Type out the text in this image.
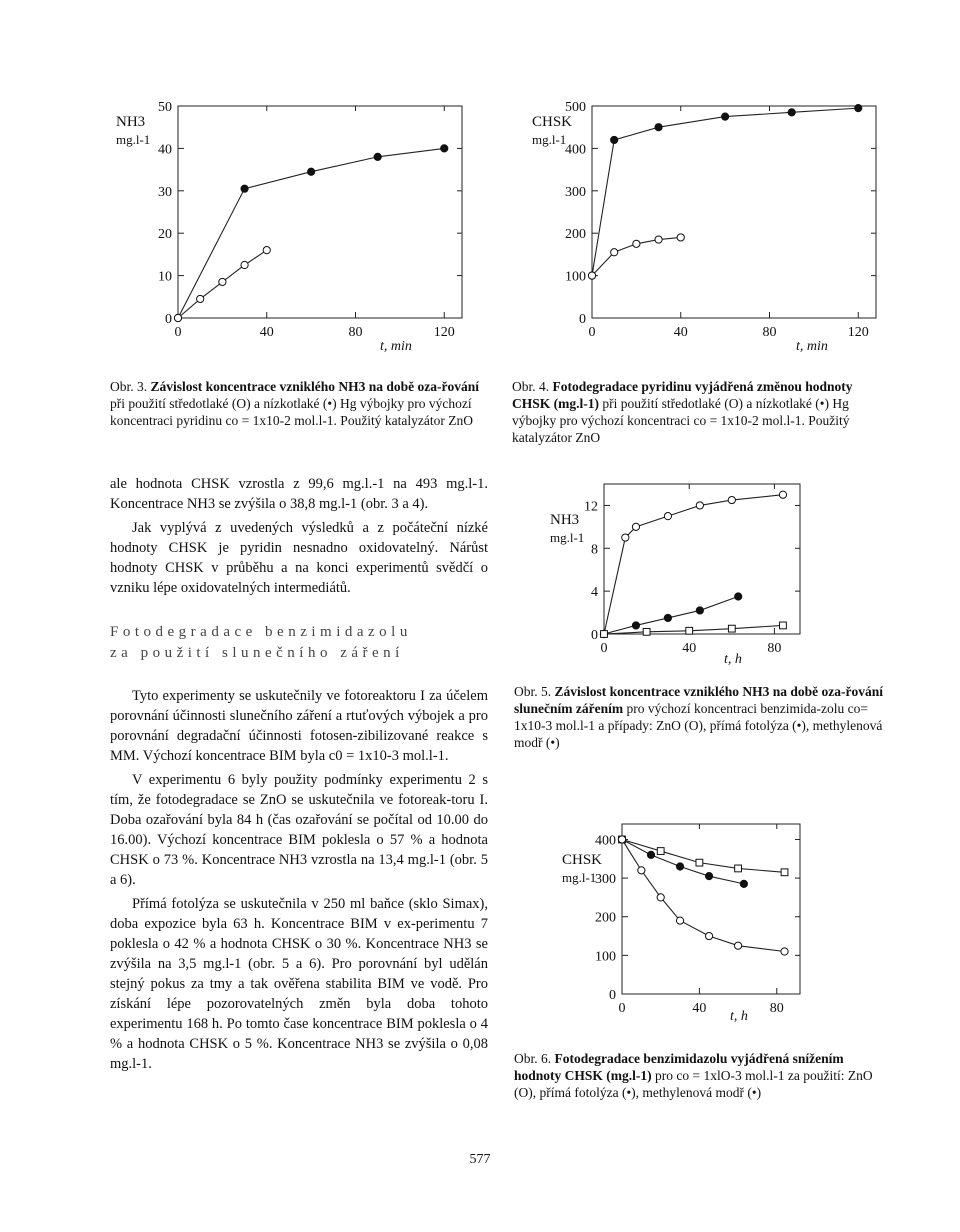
0	40	80	120
0
10
20
30
40
50
NH3
mg.l-1
t, min
Obr. 3. Závislost koncentrace vzniklého NH3 na době oza-řování při použití středotlaké (O) a nízkotlaké (•) Hg výbojky pro výchozí koncentraci pyridinu co = 1x10-2 mol.l-1. Použitý katalyzátor ZnO
0	40	80	120
0
100
200
300
400
500
CHSK
mg.l-1
t, min
Obr. 4. Fotodegradace pyridinu vyjádřená změnou hodnoty CHSK (mg.l-1) při použití středotlaké (O) a nízkotlaké (•) Hg výbojky pro výchozí koncentraci co = 1x10-2 mol.l-1. Použitý katalyzátor ZnO
0	40	80
0
4
8
12
NH3
mg.l-1
t, h
Obr. 5. Závislost koncentrace vzniklého NH3 na době oza-řování slunečním zářením pro výchozí koncentraci benzimida-zolu co= 1x10-3 mol.l-1 a případy: ZnO (O), přímá fotolýza (•), methylenová modř (•)
0	40	80
0
100
200
300
400
CHSK
mg.l-1
t, h
Obr. 6. Fotodegradace benzimidazolu vyjádřená snížením hodnoty CHSK (mg.l-1) pro co = 1xlO-3 mol.l-1 za použití: ZnO (O), přímá fotolýza (•), methylenová modř (•)

ale hodnota CHSK vzrostla z 99,6 mg.l.-1 na 493 mg.l-1. Koncentrace NH3 se zvýšila o 38,8 mg.l-1 (obr. 3 a 4).

Jak vyplývá z uvedených výsledků a z počáteční nízké hodnoty CHSK je pyridin nesnadno oxidovatelný. Nárůst hodnoty CHSK v průběhu a na konci experimentů svědčí o vzniku lépe oxidovatelných intermediátů.

Fotodegradace benzimidazolu
za použití slunečního záření

Tyto experimenty se uskutečnily ve fotoreaktoru I za účelem porovnání účinnosti slunečního záření a rtuťových výbojek a pro porovnání degradační účinnosti fotosen-zibilizované reakce s MM. Výchozí koncentrace BIM byla c0 = 1x10-3 mol.l-1.

V experimentu 6 byly použity podmínky experimentu 2 s tím, že fotodegradace se ZnO se uskutečnila ve fotoreak-toru I. Doba ozařování byla 84 h (čas ozařování se počítal od 10.00 do 16.00). Výchozí koncentrace BIM poklesla o 57 % a hodnota CHSK o 73 %. Koncentrace NH3 vzrostla na 13,4 mg.l-1 (obr. 5 a 6).

Přímá fotolýza se uskutečnila v 250 ml baňce (sklo Simax), doba expozice byla 63 h. Koncentrace BIM v ex-perimentu 7 poklesla o 42 % a hodnota CHSK o 30 %. Koncentrace NH3 se zvýšila na 3,5 mg.l-1 (obr. 5 a 6). Pro porovnání byl udělán stejný pokus za tmy a tak ověřena stabilita BIM ve vodě. Pro získání lépe pozorovatelných změn byla doba tohoto experimentu 168 h. Po tomto čase koncentrace BIM poklesla o 4 % a hodnota CHSK o 5 %. Koncentrace NH3 se zvýšila o 0,08 mg.l-1.

577
